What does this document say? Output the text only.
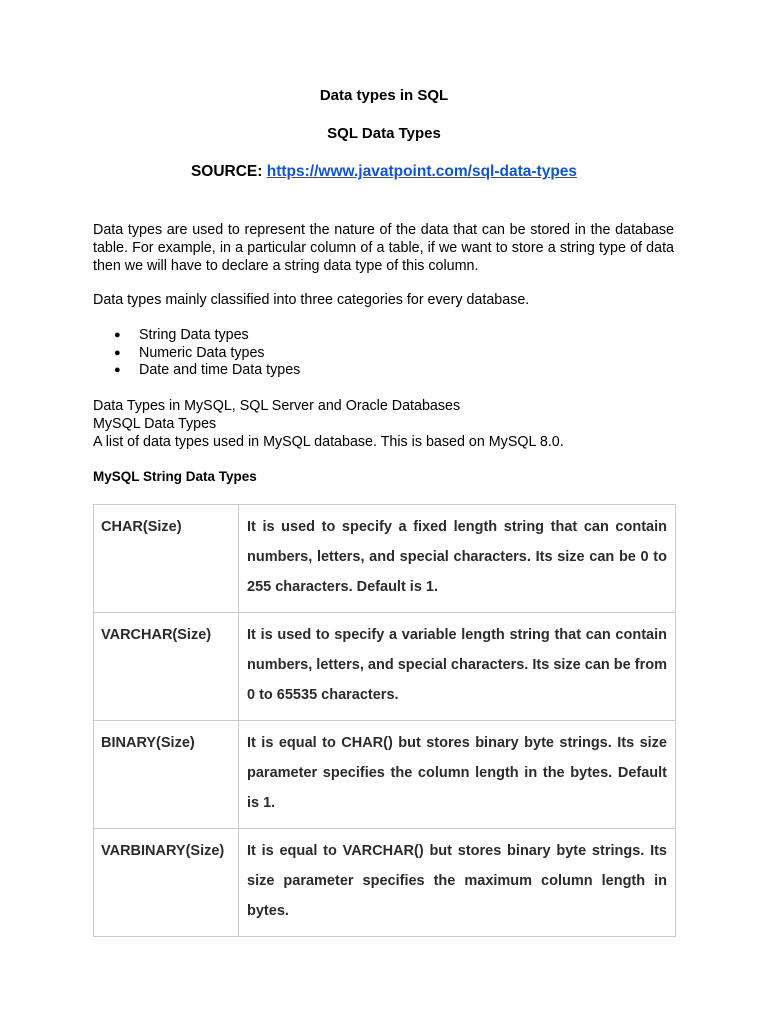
Data types in SQL
SQL Data Types
SOURCE: https://www.javatpoint.com/sql-data-types
Data types are used to represent the nature of the data that can be stored in the database table. For example, in a particular column of a table, if we want to store a string type of data then we will have to declare a string data type of this column.
Data types mainly classified into three categories for every database.
● String Data types
● Numeric Data types
● Date and time Data types
Data Types in MySQL, SQL Server and Oracle Databases
MySQL Data Types
A list of data types used in MySQL database. This is based on MySQL 8.0.
MySQL String Data Types
CHAR(Size)	It is used to specify a fixed length string that can contain numbers, letters, and special characters. Its size can be 0 to 255 characters. Default is 1.
VARCHAR(Size)	It is used to specify a variable length string that can contain numbers, letters, and special characters. Its size can be from 0 to 65535 characters.
BINARY(Size)	It is equal to CHAR() but stores binary byte strings. Its size parameter specifies the column length in the bytes. Default is 1.
VARBINARY(Size)	It is equal to VARCHAR() but stores binary byte strings. Its size parameter specifies the maximum column length in bytes.
